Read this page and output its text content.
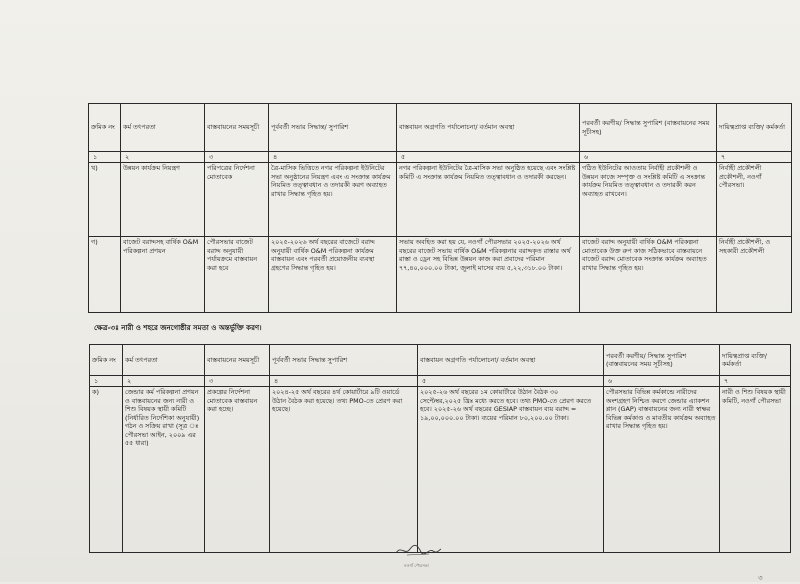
ক্রমিক নং	কর্ম তৎপরতা	বাস্তবায়নের সময়সূচী	পূর্ববর্তী সভার সিদ্ধান্ত/ সুপারিশ	বাস্তবায়ন অগ্রগতি পর্যালোচনা/ বর্তমান অবস্থা	পরবর্তী করণীয়/ সিদ্ধান্ত সুপারিশ (বাস্তবায়নের সময় সূচীসহ)	দায়িত্বপ্রাপ্ত ব্যক্তি/ কর্মকর্তা
১	২	৩	৪	৫	৬	৭
খ)	উন্নয়ন কার্যক্রম নিয়ন্ত্রণ	পরিপত্রের নির্দেশনা মোতাবেক	ত্রৈ-মাসিক ভিত্তিতে নগর পরিকল্পনা ইউনিটের সভা অনুষ্ঠানের নিয়ন্ত্রণ এবং এ সংক্রান্ত কার্যক্রম নিয়মিত তত্ত্বাবধান ও তদারকী করণ অব্যাহত রাখার সিদ্ধান্ত গৃহিত হয়।	নগর পরিকল্পনা ইউনিটের ত্রৈ-মাসিক সভা অনুষ্ঠিত হয়েছে এবং সংশ্লিষ্ট কমিটি এ সংক্রান্ত কার্যক্রম নিয়মিত তত্ত্বাবধান ও তদারকী করছেন।	গঠিত ইউনিটের আওতায় নির্বাহী প্রকৌশলী ও উন্নয়ন কাজে সম্পৃক্ত ও সংশ্লিষ্ট কমিটি এ সংক্রান্ত কার্যক্রম নিয়মিত তত্ত্বাবধান ও তদারকী করন অব্যাহত রাখবেন।	নির্বাহী প্রকৌশলী প্রকৌশলী, নওগাঁ পৌরসভা।
গ)	বাজেট বরাদ্দসহ বার্ষিক O&M পরিকল্পনা প্রণয়ন	পৌরসভার বাজেট বরাদ্দ অনুযায়ী পর্যায়ক্রমে বাস্তবায়ন করা হবে	২০২৫-২০২৬ অর্থ বছরের বাজেটে বরাদ্দ অনুযায়ী বার্ষিক O&M পরিকল্পনা কার্যক্রম বাস্তবায়ন এবং পরবর্তী প্রয়োজনীয় ব্যবস্থা গ্রহণের সিদ্ধান্ত গৃহিত হয়।	সভায় অবহিত করা হয় যে, নওগাঁ পৌরসভার ২০২৫-২০২৬ অর্থ বছরের বাজেট সভায় বার্ষিক O&M পরিকল্পনার বরাদ্দকৃত রাস্তার অর্থ রাস্তা ও ড্রেন সহ বিভিন্ন উন্নয়ন কাজ করা প্রবাদের পরিমান ৭৭,৪০,০০০.০০ টাকা, জুলাই মাসের ব্যয় ৫,২২,৩১৮.০০ টাকা।	বাজেট বরাদ্দ অনুযায়ী বার্ষিক O&M পরিকল্পনা মোতাবেক উক্ত রুপ কাজ সঠিকভাবে বাস্তবায়নে বাজেট বরাদ্দ মোতাবেক সংক্রান্ত কার্যক্রম অব্যাহত রাখার সিদ্ধান্ত গৃহিত হয়।	নির্বাহী প্রকৌশলী, ও সহকারী প্রকৌশলী
ক্ষেত্র-৩ঃ নারী ও শহরে জনগোষ্ঠীর সমতা ও অন্তর্ভুক্তি করণ।
ক্রমিক নং	কর্ম তৎপরতা	বাস্তবায়নের সময়সূচী	পূর্ববর্তী সভার সিদ্ধান্ত সুপারিশ	বাস্তবায়ন অগ্রগতি পর্যালোচনা/ বর্তমান অবস্থা	পরবর্তী করণীয়/ সিদ্ধান্ত সুপারিশ (বাস্তবায়নের সময় সূচীসহ)	দায়িত্বপ্রাপ্ত ব্যক্তি/ কর্মকর্তা
১	২	৩	৪	৫	৬	৭
ক)	জেন্ডার কর্ম পরিকল্পনা প্রণয়ন ও বাস্তবায়নের জন্য নারী ও শিশু বিষয়ক স্থায়ী কমিটি (নির্ধারিত নির্দেশিকা অনুযায়ী) গঠন ও সক্রিয় রাখা (সূত্র ঃ পৌরসভা আইন, ২০০৯ এর ৫৫ ধারা)	প্রকল্পের নির্দেশনা মোতাবেক বাস্তবায়ন করা হচ্ছে।	২০২৪-২৫ অর্থ বছরের ৪র্থ কোয়ার্টারে ৯টি ওয়ার্ডে উঠান বৈঠক করা হয়েছে। তথ্য PMO-তে প্রেরণ করা হয়েছে।	২০২৫-২৬ অর্থ বছরের ১ম কোয়ার্টারে উঠান বৈঠক ৩০ সেপ্টেম্বর,২০২৫ খ্রিঃ মধ্যে করতে হবে। তথ্য PMO-তে প্রেরণ করতে হবে। ২০২৫-২৬ অর্থ বছরের GESIAP বাস্তবায়ন ব্যয় বরাদ্দ = ১৯,০০,০০০.০০ টাকা। ব্যয়ের পরিমান ৮০,২০০.০০ টাকা।	পৌরসভার বিভিন্ন কর্মকান্ডে নারীদের অংশগ্রহণ নিশ্চিত করণে জেন্ডার এ্যাকশন প্লান (GAP) বাস্তবায়নের জন্য নারী স্বাক্ষর বিভিন্ন কর্মকাণ্ড ও মাবতীয় কার্যক্রম অব্যাহত রাখার সিদ্ধান্ত গৃহিত হয়।	নারী ও শিশু বিষয়ক স্থায়ী কমিটি, নওগাঁ পৌরসভা
নওগাঁ পৌরসভা
৩
